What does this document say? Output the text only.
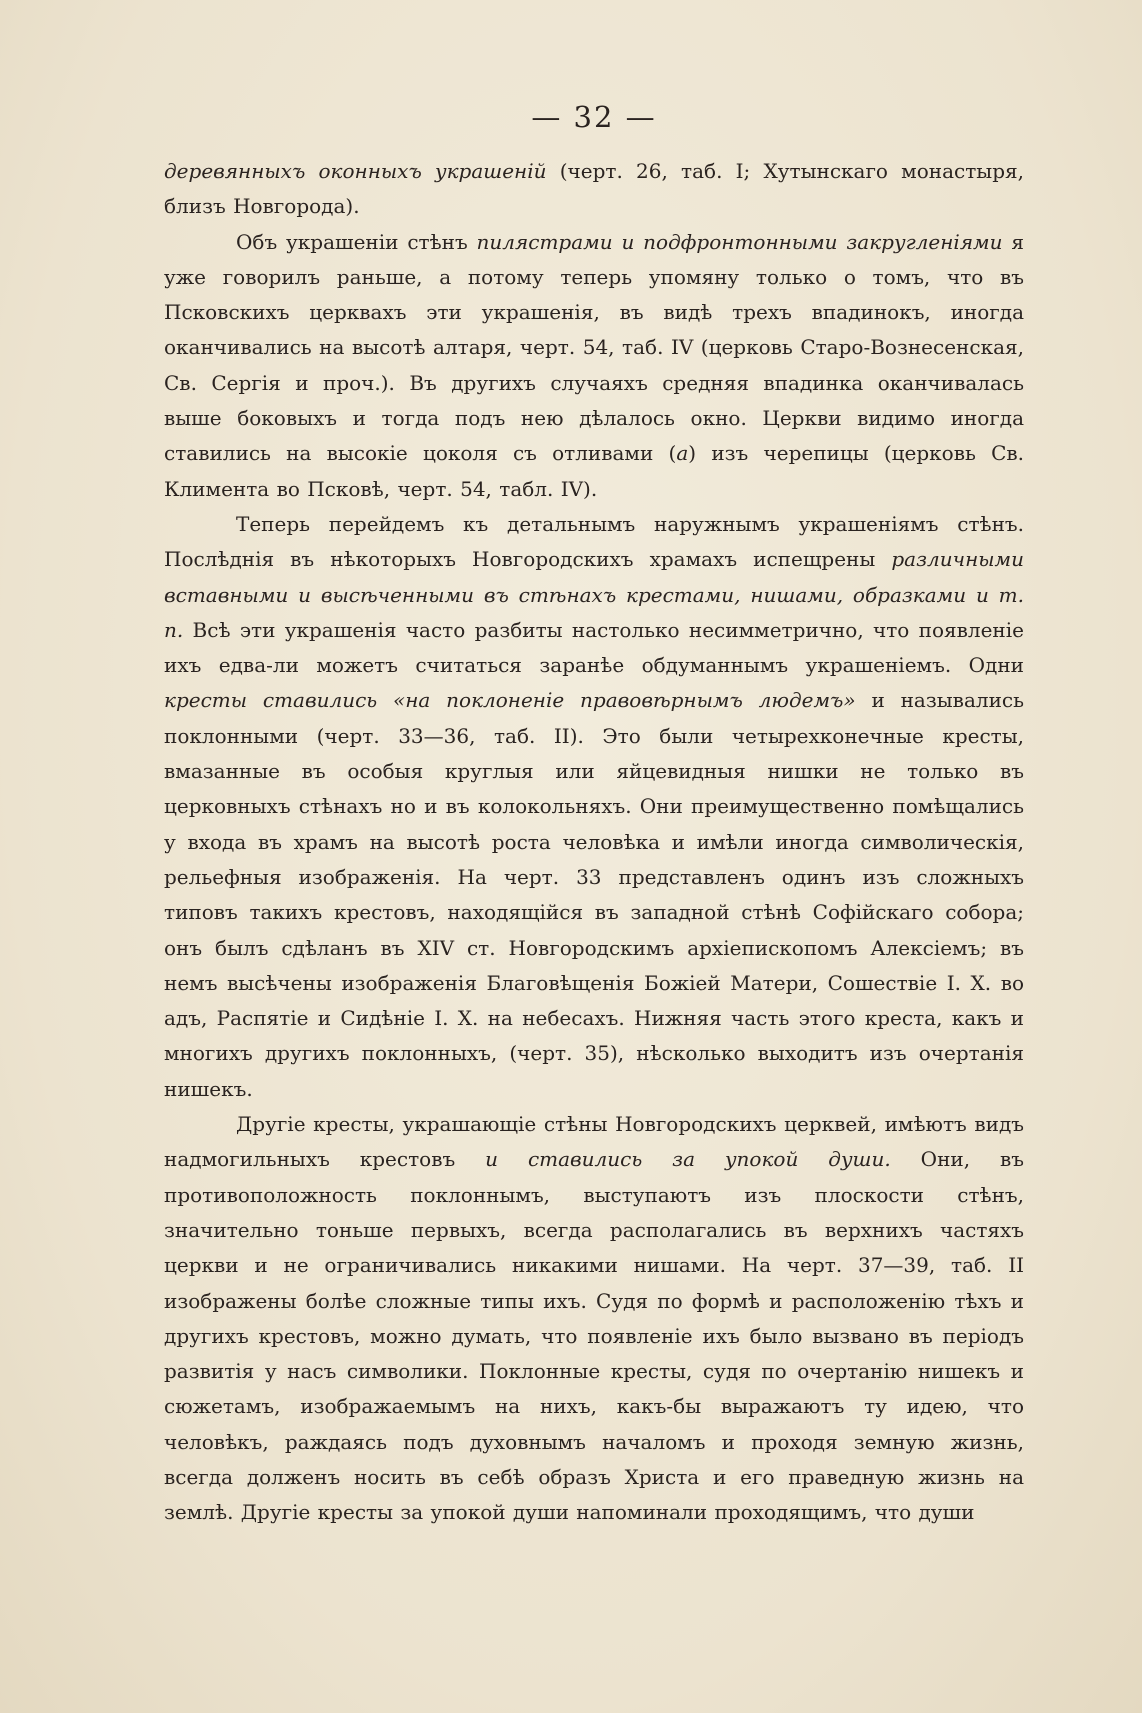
— 32 —

деревянныхъ оконныхъ украшенiй (черт. 26, таб. I; Хутынскаго монастыря, близъ Новгорода).

Объ украшенiи стѣнъ пилястрами и подфронтонными закругленiями я уже говорилъ раньше, а потому теперь упомяну только о томъ, что въ Псковскихъ церквахъ эти украшенiя, въ видѣ трехъ впадинокъ, иногда оканчивались на высотѣ алтаря, черт. 54, таб. IV (церковь Старо-Вознесенская, Св. Сергiя и проч.). Въ другихъ случаяхъ средняя впадинка оканчивалась выше боковыхъ и тогда подъ нею дѣлалось окно. Церкви видимо иногда ставились на высокiе цоколя съ отливами (а) изъ черепицы (церковь Св. Климента во Псковѣ, черт. 54, табл. IV).

Теперь перейдемъ къ детальнымъ наружнымъ украшенiямъ стѣнъ. Послѣднiя въ нѣкоторыхъ Новгородскихъ храмахъ испещрены различными вставными и высѣченными въ стѣнахъ крестами, нишами, образками и т. п. Всѣ эти украшенiя часто разбиты настолько несимметрично, что появленiе ихъ едва-ли можетъ считаться заранѣе обдуманнымъ украшенiемъ. Одни кресты ставились «на поклоненiе правовѣрнымъ людемъ» и назывались поклонными (черт. 33—36, таб. II). Это были четырехконечные кресты, вмазанные въ особыя круглыя или яйцевидныя нишки не только въ церковныхъ стѣнахъ но и въ колокольняхъ. Они преимущественно помѣщались у входа въ храмъ на высотѣ роста человѣка и имѣли иногда символическiя, рельефныя изображенiя. На черт. 33 представленъ одинъ изъ сложныхъ типовъ такихъ крестовъ, находящiйся въ западной стѣнѣ Софiйскаго собора; онъ былъ сдѣланъ въ XIV ст. Новгородскимъ архiепископомъ Алексiемъ; въ немъ высѣчены изображенiя Благовѣщенiя Божiей Матери, Сошествiе I. X. во адъ, Распятiе и Сидѣнiе I. X. на небесахъ. Нижняя часть этого креста, какъ и многихъ другихъ поклонныхъ, (черт. 35), нѣсколько выходитъ изъ очертанiя нишекъ.

Другiе кресты, украшающiе стѣны Новгородскихъ церквей, имѣютъ видъ надмогильныхъ крестовъ и ставились за упокой души. Они, въ противоположность поклоннымъ, выступаютъ изъ плоскости стѣнъ, значительно тоньше первыхъ, всегда располагались въ верхнихъ частяхъ церкви и не ограничивались никакими нишами. На черт. 37—39, таб. II изображены болѣе сложные типы ихъ. Судя по формѣ и расположенiю тѣхъ и другихъ крестовъ, можно думать, что появленiе ихъ было вызвано въ перiодъ развитiя у насъ символики. Поклонные кресты, судя по очертанiю нишекъ и сюжетамъ, изображаемымъ на нихъ, какъ-бы выражаютъ ту идею, что человѣкъ, раждаясь подъ духовнымъ началомъ и проходя земную жизнь, всегда долженъ носить въ себѣ образъ Христа и его праведную жизнь на землѣ. Другiе кресты за упокой души напоминали проходящимъ, что души
